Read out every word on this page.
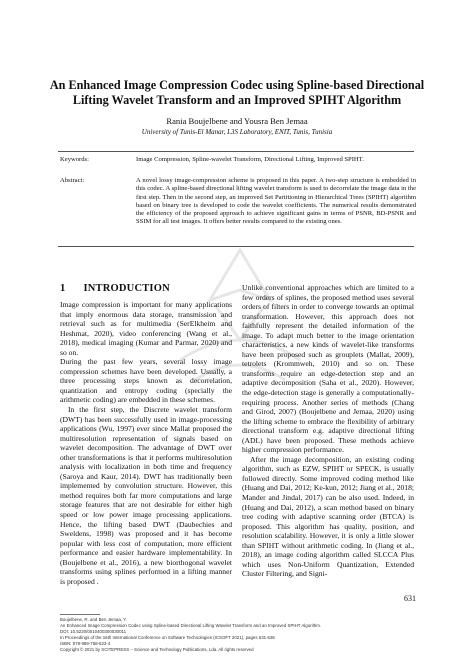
An Enhanced Image Compression Codec using Spline-based Directional
Lifting Wavelet Transform and an Improved SPIHT Algorithm
Rania Boujelbene and Yousra Ben Jemaa
University of Tunis-El Manar, L3S Laboratory, ENIT, Tunis, Tunisia
Keywords:	Image Compression, Spline-wavelet Transform, Directional Lifting, Improved SPIHT.
Abstract:	A novel lossy image-compression scheme is proposed in this paper. A two-step structure is embedded in this codec. A spline-based directional lifting wavelet transform is used to decorrelate the image data in the first step. Then in the second step, an improved Set Partitioning in Hierarchical Trees (SPIHT) algorithm based on binary tree is developed to code the wavelet coefficients. The numerical results demonstrated the efficiency of the proposed approach to achieve significant gains in terms of PSNR, BD-PSNR and SSIM for all test images. It offers better results compared to the existing ones.
1 INTRODUCTION

Image compression is important for many applications that imply enormous data storage, transmission and retrieval such as for multimedia (SerElkheim and Heshmat, 2020), video conferencing (Wang et al., 2018), medical imaging (Kumar and Parmar, 2020) and so on.

During the past few years, several lossy image compression schemes have been developed. Usually, a three processing steps known as decorrelation, quantization and entropy coding (specially the arithmetic coding) are embedded in these schemes.

In the first step, the Discrete wavelet transform (DWT) has been successfully used in image-processing applications (Wu, 1997) ever since Mallat proposed the multiresolution representation of signals based on wavelet decomposition. The advantage of DWT over other transformations is that it performs multiresolution analysis with localization in both time and frequency (Saroya and Kaur, 2014). DWT has traditionally been implemented by convolution structure. However, this method requires both far more computations and large storage features that are not desirable for either high speed or low power image processing applications. Hence, the lifting based DWT (Daubechies and Sweldens, 1998) was proposed and it has become popular with less cost of computation, more efficient performance and easier hardware implementability. In (Boujelbene et al., 2016), a new biorthogonal wavelet transforms using splines performed in a lifting manner is proposed .

Unlike conventional approaches which are limited to a few orders of splines, the proposed method uses several orders of filters in order to converge towards an optimal transformation. However, this approach does not faithfully represent the detailed information of the image. To adapt much better to the image orientation characteristics, a new kinds of wavelet-like transforms have been proposed such as grouplets (Mallat, 2009), tetrolets (Krommweh, 2010) and so on. These transforms require an edge-detection step and an adaptive decomposition (Saha et al., 2020). However, the edge-detection stage is generally a computationally-requiring process. Another series of methods (Chang and Girod, 2007) (Boujelbene and Jemaa, 2020) using the lifting scheme to embrace the flexibility of arbitrary directional transform e.g. adaptive directional lifting (ADL) have been proposed. These methods achieve higher compression performance.

After the image decomposition, an existing coding algorithm, such as EZW, SPIHT or SPECK, is usually followed directly. Some improved coding method like (Huang and Dai, 2012; Ke-kun, 2012; Jiang et al., 2018; Mander and Jindal, 2017) can be also used. Indeed, in (Huang and Dai, 2012), a scan method based on binary tree coding with adaptive scanning order (BTCA) is proposed. This algorithm has quality, position, and resolution scalability. However, it is only a little slower than SPIHT without arithmetic coding. In (Jiang et al., 2018), an image coding algorithm called SLCCA Plus which uses Non-Uniform Quantization, Extended Cluster Filtering, and Signi-

631
Boujelbene, R. and Ben Jemaa, Y.
An Enhanced Image Compression Codec using Spline-based Directional Lifting Wavelet Transform and an Improved SPIHT Algorithm.
DOI: 10.5220/0010400300030011
In Proceedings of the 16th International Conference on Software Technologies (ICSOFT 2021), pages 631-636
ISBN: 978-989-758-523-4
Copyright © 2021 by SCITEPRESS – Science and Technology Publications, Lda. All rights reserved
